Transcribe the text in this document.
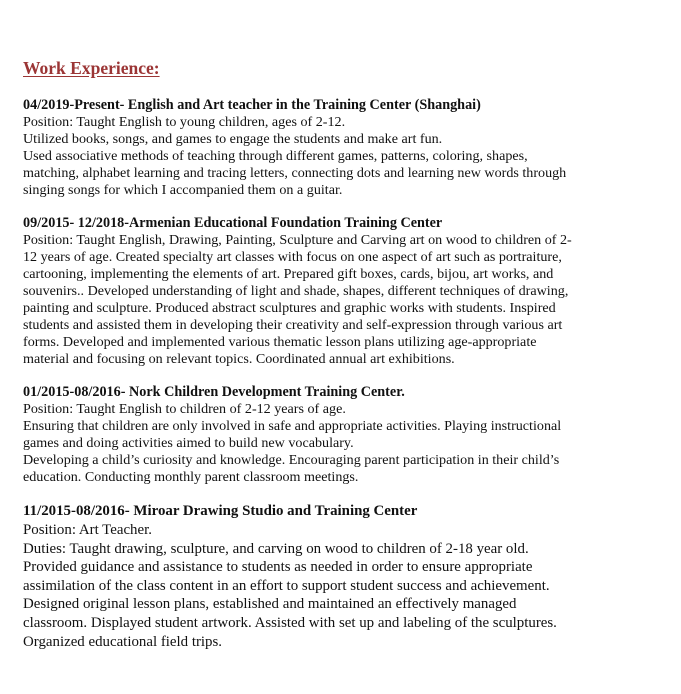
Work Experience:
04/2019-Present- English and Art teacher in the Training Center (Shanghai)
Position: Taught English to young children, ages of 2-12.
Utilized books, songs, and games to engage the students and make art fun.
Used associative methods of teaching through different games, patterns, coloring, shapes,
matching, alphabet learning and tracing letters, connecting dots and learning new words through
singing songs for which I accompanied them on a guitar.
09/2015- 12/2018-Armenian Educational Foundation Training Center
Position: Taught English, Drawing, Painting, Sculpture and Carving art on wood to children of 2-
12 years of age. Created specialty art classes with focus on one aspect of art such as portraiture,
cartooning, implementing the elements of art. Prepared gift boxes, cards, bijou, art works, and
souvenirs.. Developed understanding of light and shade, shapes, different techniques of drawing,
painting and sculpture. Produced abstract sculptures and graphic works with students. Inspired
students and assisted them in developing their creativity and self-expression through various art
forms. Developed and implemented various thematic lesson plans utilizing age-appropriate
material and focusing on relevant topics. Coordinated annual art exhibitions.
01/2015-08/2016- Nork Children Development Training Center.
Position: Taught English to children of 2-12 years of age.
Ensuring that children are only involved in safe and appropriate activities. Playing instructional
games and doing activities aimed to build new vocabulary.
Developing a child’s curiosity and knowledge. Encouraging parent participation in their child’s
education. Conducting monthly parent classroom meetings.
11/2015-08/2016- Miroar Drawing Studio and Training Center
Position: Art Teacher.
Duties: Taught drawing, sculpture, and carving on wood to children of 2-18 year old.
Provided guidance and assistance to students as needed in order to ensure appropriate
assimilation of the class content in an effort to support student success and achievement.
Designed original lesson plans, established and maintained an effectively managed
classroom. Displayed student artwork. Assisted with set up and labeling of the sculptures.
Organized educational field trips.
